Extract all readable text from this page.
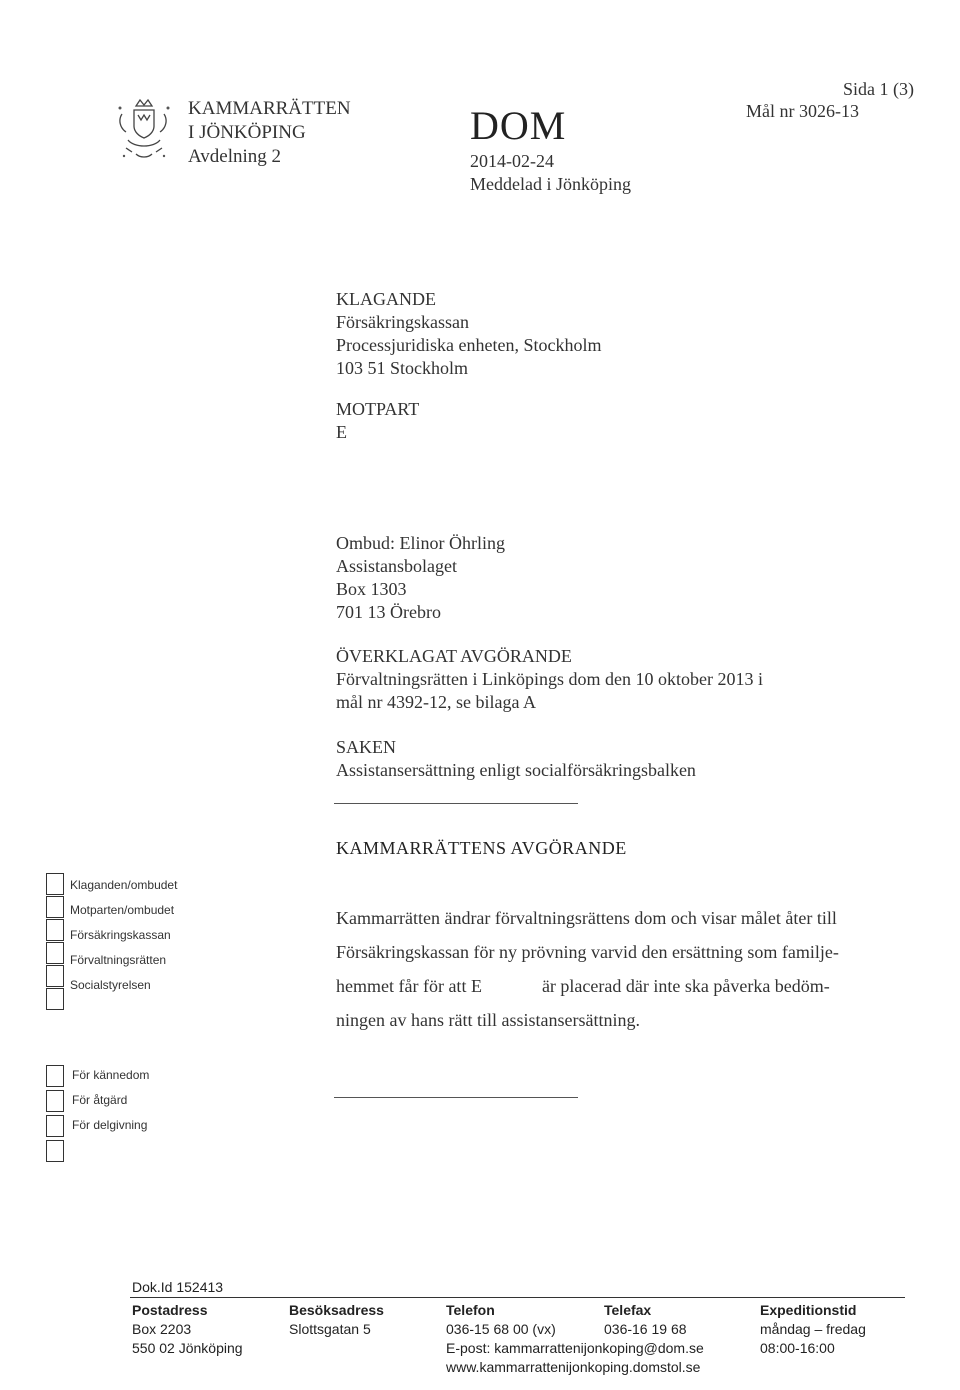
KAMMARRÄTTEN
I JÖNKÖPING
Avdelning 2
DOM
2014-02-24
Meddelad i Jönköping
Sida 1 (3)
Mål nr 3026-13
KLAGANDE
Försäkringskassan
Processjuridiska enheten, Stockholm
103 51 Stockholm
MOTPART
E
Ombud: Elinor Öhrling
Assistansbolaget
Box 1303
701 13 Örebro
ÖVERKLAGAT AVGÖRANDE
Förvaltningsrätten i Linköpings dom den 10 oktober 2013 i
mål nr 4392-12, se bilaga A
SAKEN
Assistansersättning enligt socialförsäkringsbalken
KAMMARRÄTTENS AVGÖRANDE
Kammarrätten ändrar förvaltningsrättens dom och visar målet åter till
Försäkringskassan för ny prövning varvid den ersättning som familje-
hemmet får för att E	är placerad där inte ska påverka bedöm-
ningen av hans rätt till assistansersättning.
Klaganden/ombudet
Motparten/ombudet
Försäkringskassan
Förvaltningsrätten
Socialstyrelsen
För kännedom
För åtgärd
För delgivning
Dok.Id 152413
Postadress
Box 2203
550 02 Jönköping
Besöksadress
Slottsgatan 5
Telefon
036-15 68 00 (vx)
E-post: kammarrattenijonkoping@dom.se
www.kammarrattenijonkoping.domstol.se
Telefax
036-16 19 68
Expeditionstid
måndag – fredag
08:00-16:00
